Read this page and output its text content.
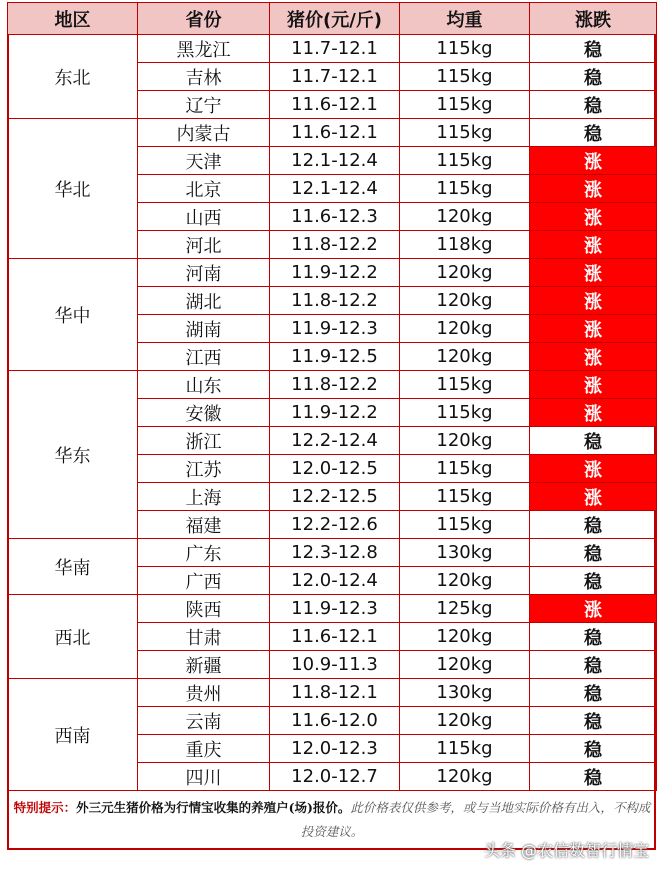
地区	省份	猪价(元/斤)	均重	涨跌
东北	黑龙江	11.7-12.1	115kg	稳
	吉林	11.7-12.1	115kg	稳
	辽宁	11.6-12.1	115kg	稳
华北	内蒙古	11.6-12.1	115kg	稳
	天津	12.1-12.4	115kg	涨
	北京	12.1-12.4	115kg	涨
	山西	11.6-12.3	120kg	涨
	河北	11.8-12.2	118kg	涨
华中	河南	11.9-12.2	120kg	涨
	湖北	11.8-12.2	120kg	涨
	湖南	11.9-12.3	120kg	涨
	江西	11.9-12.5	120kg	涨
华东	山东	11.8-12.2	115kg	涨
	安徽	11.9-12.2	115kg	涨
	浙江	12.2-12.4	120kg	稳
	江苏	12.0-12.5	115kg	涨
	上海	12.2-12.5	115kg	涨
	福建	12.2-12.6	115kg	稳
华南	广东	12.3-12.8	130kg	稳
	广西	12.0-12.4	120kg	稳
西北	陕西	11.9-12.3	125kg	涨
	甘肃	11.6-12.1	120kg	稳
	新疆	10.9-11.3	120kg	稳
西南	贵州	11.8-12.1	130kg	稳
	云南	11.6-12.0	120kg	稳
	重庆	12.0-12.3	115kg	稳
	四川	12.0-12.7	120kg	稳
特别提示：外三元生猪价格为行情宝收集的养殖户(场)报价。此价格表仅供参考，或与当地实际价格有出入，不构成投资建议。
头条 @农信数智行情宝
